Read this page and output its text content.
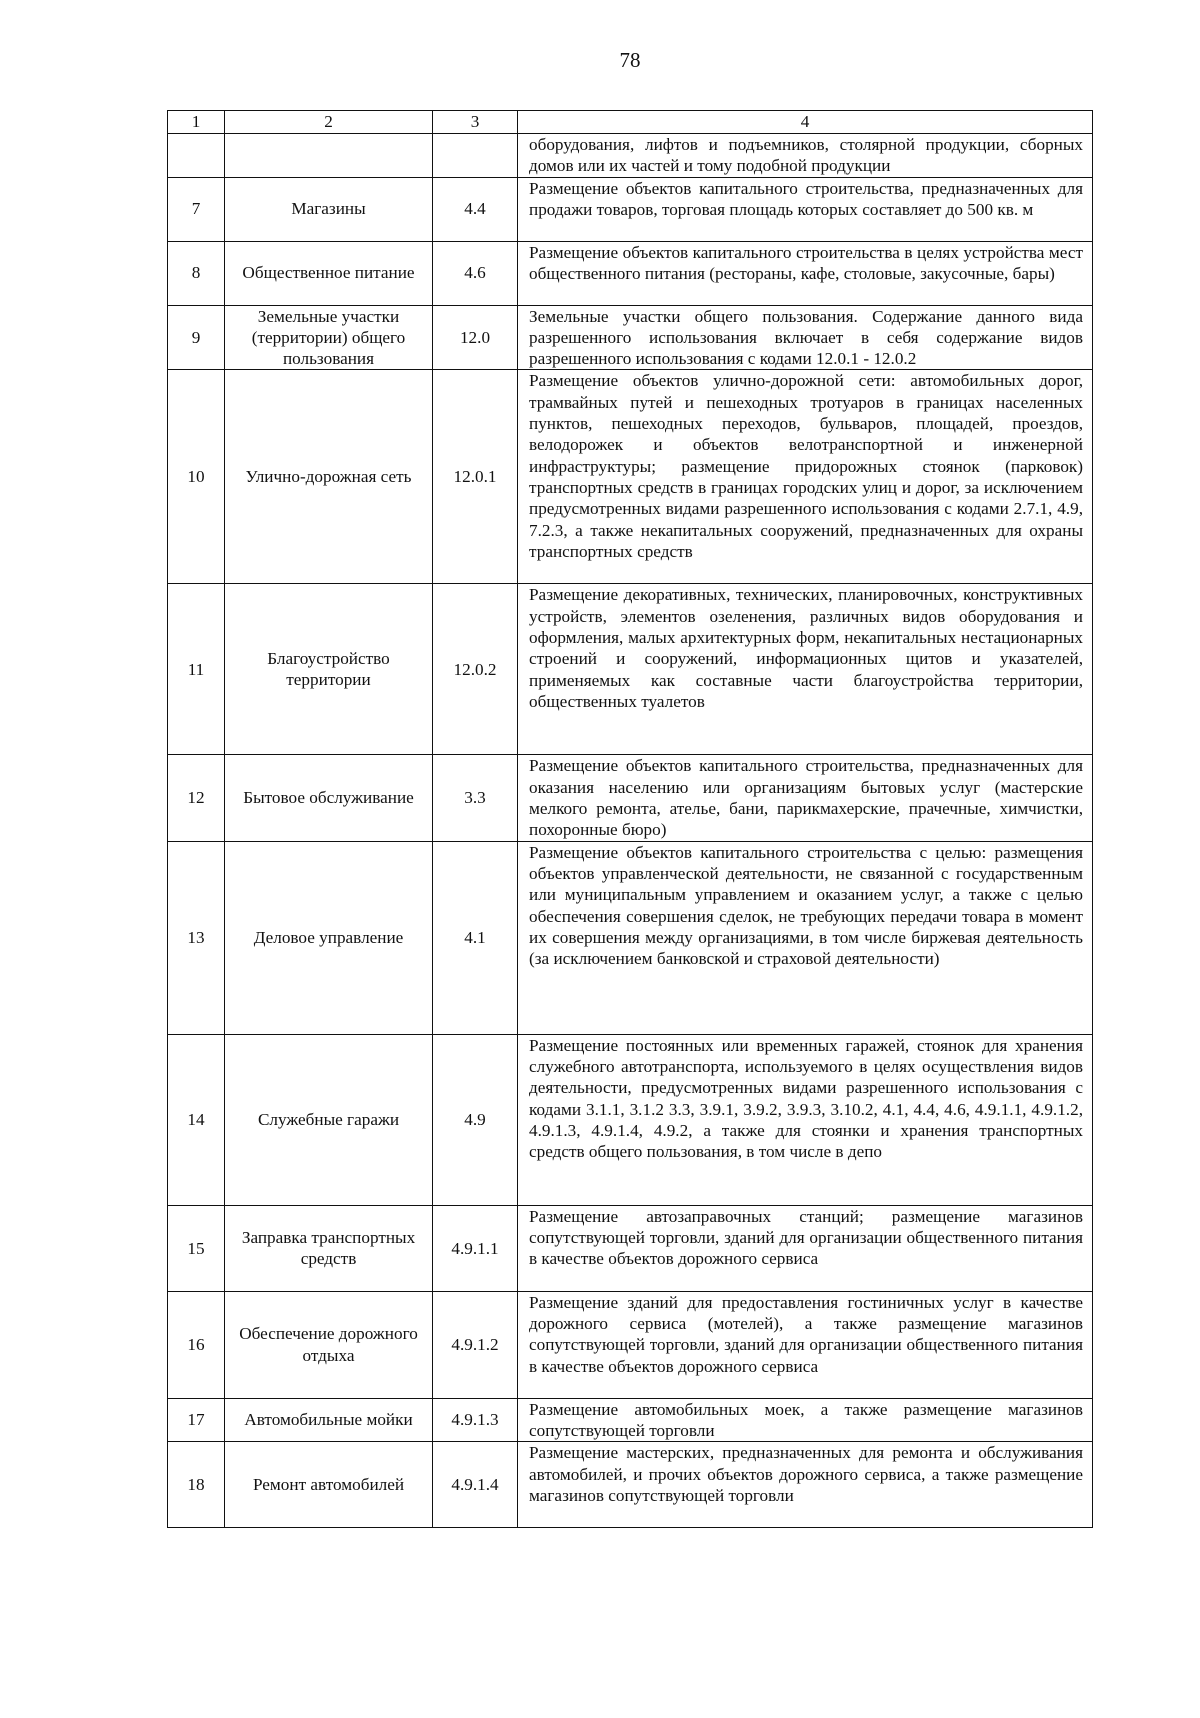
78
1	2	3	4
			оборудования, лифтов и подъемников, столярной продукции, сборных домов или их частей и тому подобной продукции
7	Магазины	4.4	Размещение объектов капитального строительства, предназначенных для продажи товаров, торговая площадь которых составляет до 500 кв. м
8	Общественное питание	4.6	Размещение объектов капитального строительства в целях устройства мест общественного питания (рестораны, кафе, столовые, закусочные, бары)
9	Земельные участки (территории) общего пользования	12.0	Земельные участки общего пользования. Содержание данного вида разрешенного использования включает в себя содержание видов разрешенного использования с кодами 12.0.1 - 12.0.2
10	Улично-дорожная сеть	12.0.1	Размещение объектов улично-дорожной сети: автомобильных дорог, трамвайных путей и пешеходных тротуаров в границах населенных пунктов, пешеходных переходов, бульваров, площадей, проездов, велодорожек и объектов велотранспортной и инженерной инфраструктуры; размещение придорожных стоянок (парковок) транспортных средств в границах городских улиц и дорог, за исключением предусмотренных видами разрешенного использования с кодами 2.7.1, 4.9, 7.2.3, а также некапитальных сооружений, предназначенных для охраны транспортных средств
11	Благоустройство территории	12.0.2	Размещение декоративных, технических, планировочных, конструктивных устройств, элементов озеленения, различных видов оборудования и оформления, малых архитектурных форм, некапитальных нестационарных строений и сооружений, информационных щитов и указателей, применяемых как составные части благоустройства территории, общественных туалетов
12	Бытовое обслуживание	3.3	Размещение объектов капитального строительства, предназначенных для оказания населению или организациям бытовых услуг (мастерские мелкого ремонта, ателье, бани, парикмахерские, прачечные, химчистки, похоронные бюро)
13	Деловое управление	4.1	Размещение объектов капитального строительства с целью: размещения объектов управленческой деятельности, не связанной с государственным или муниципальным управлением и оказанием услуг, а также с целью обеспечения совершения сделок, не требующих передачи товара в момент их совершения между организациями, в том числе биржевая деятельность (за исключением банковской и страховой деятельности)
14	Служебные гаражи	4.9	Размещение постоянных или временных гаражей, стоянок для хранения служебного автотранспорта, используемого в целях осуществления видов деятельности, предусмотренных видами разрешенного использования с кодами 3.1.1, 3.1.2 3.3, 3.9.1, 3.9.2, 3.9.3, 3.10.2, 4.1, 4.4, 4.6, 4.9.1.1, 4.9.1.2, 4.9.1.3, 4.9.1.4, 4.9.2, а также для стоянки и хранения транспортных средств общего пользования, в том числе в депо
15	Заправка транспортных средств	4.9.1.1	Размещение автозаправочных станций; размещение магазинов сопутствующей торговли, зданий для организации общественного питания в качестве объектов дорожного сервиса
16	Обеспечение дорожного отдыха	4.9.1.2	Размещение зданий для предоставления гостиничных услуг в качестве дорожного сервиса (мотелей), а также размещение магазинов сопутствующей торговли, зданий для организации общественного питания в качестве объектов дорожного сервиса
17	Автомобильные мойки	4.9.1.3	Размещение автомобильных моек, а также размещение магазинов сопутствующей торговли
18	Ремонт автомобилей	4.9.1.4	Размещение мастерских, предназначенных для ремонта и обслуживания автомобилей, и прочих объектов дорожного сервиса, а также размещение магазинов сопутствующей торговли
